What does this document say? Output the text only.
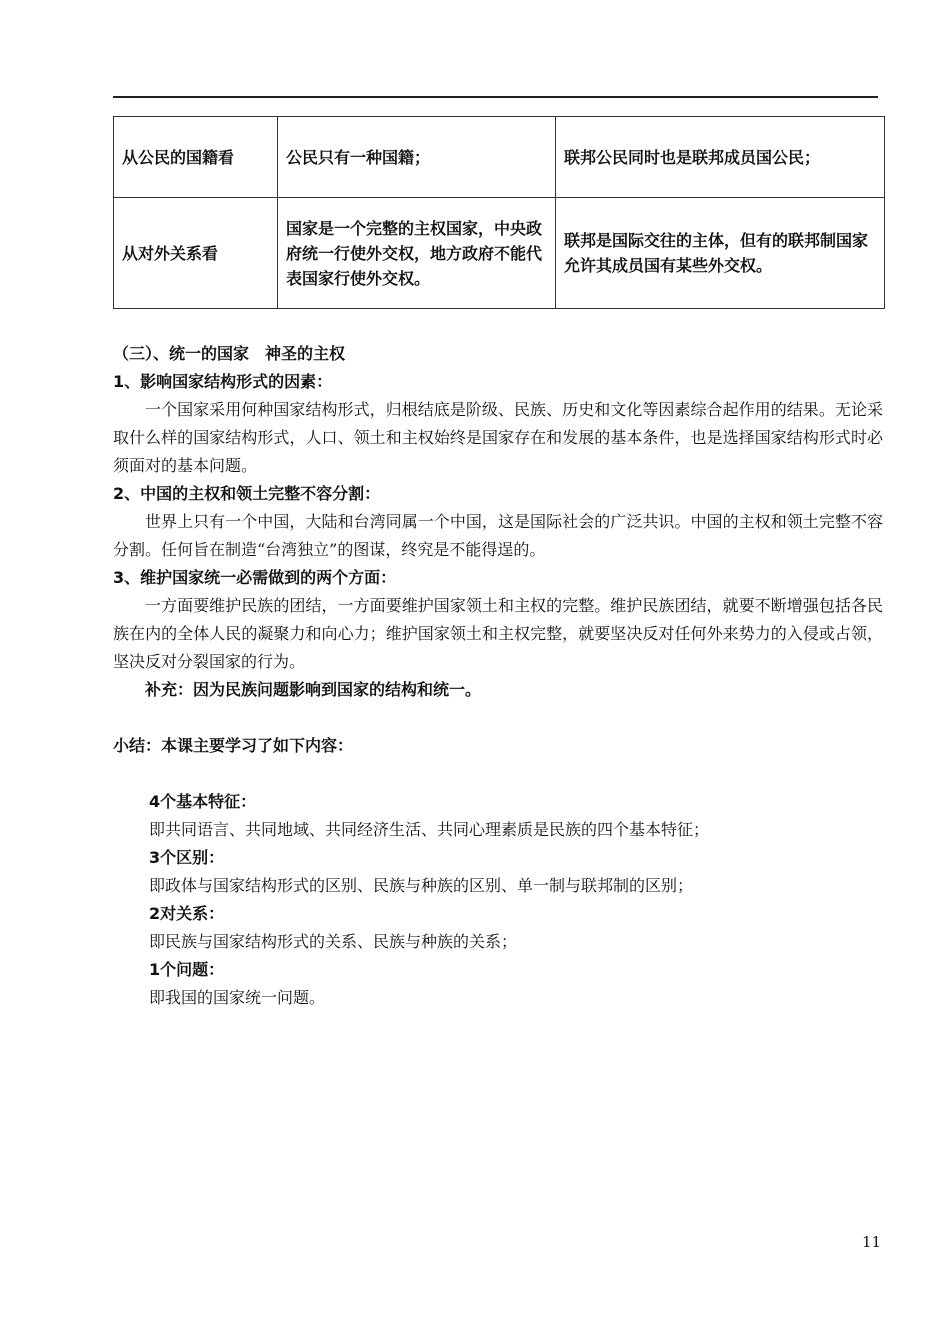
从公民的国籍看	公民只有一种国籍；	联邦公民同时也是联邦成员国公民；
从对外关系看	国家是一个完整的主权国家，中央政府统一行使外交权，地方政府不能代表国家行使外交权。	联邦是国际交往的主体，但有的联邦制国家允许其成员国有某些外交权。

（三）、统一的国家　神圣的主权

1、影响国家结构形式的因素：

一个国家采用何种国家结构形式，归根结底是阶级、民族、历史和文化等因素综合起作用的结果。无论采取什么样的国家结构形式，人口、领土和主权始终是国家存在和发展的基本条件，也是选择国家结构形式时必须面对的基本问题。

2、中国的主权和领土完整不容分割：

世界上只有一个中国，大陆和台湾同属一个中国，这是国际社会的广泛共识。中国的主权和领土完整不容分割。任何旨在制造“台湾独立”的图谋，终究是不能得逞的。

3、维护国家统一必需做到的两个方面：

一方面要维护民族的团结，一方面要维护国家领土和主权的完整。维护民族团结，就要不断增强包括各民族在内的全体人民的凝聚力和向心力；维护国家领土和主权完整，就要坚决反对任何外来势力的入侵或占领，坚决反对分裂国家的行为。

补充：因为民族问题影响到国家的结构和统一。

小结：本课主要学习了如下内容：

4个基本特征：

即共同语言、共同地域、共同经济生活、共同心理素质是民族的四个基本特征；

3个区别：

即政体与国家结构形式的区别、民族与种族的区别、单一制与联邦制的区别；

2对关系：

即民族与国家结构形式的关系、民族与种族的关系；

1个问题：

即我国的国家统一问题。

11
